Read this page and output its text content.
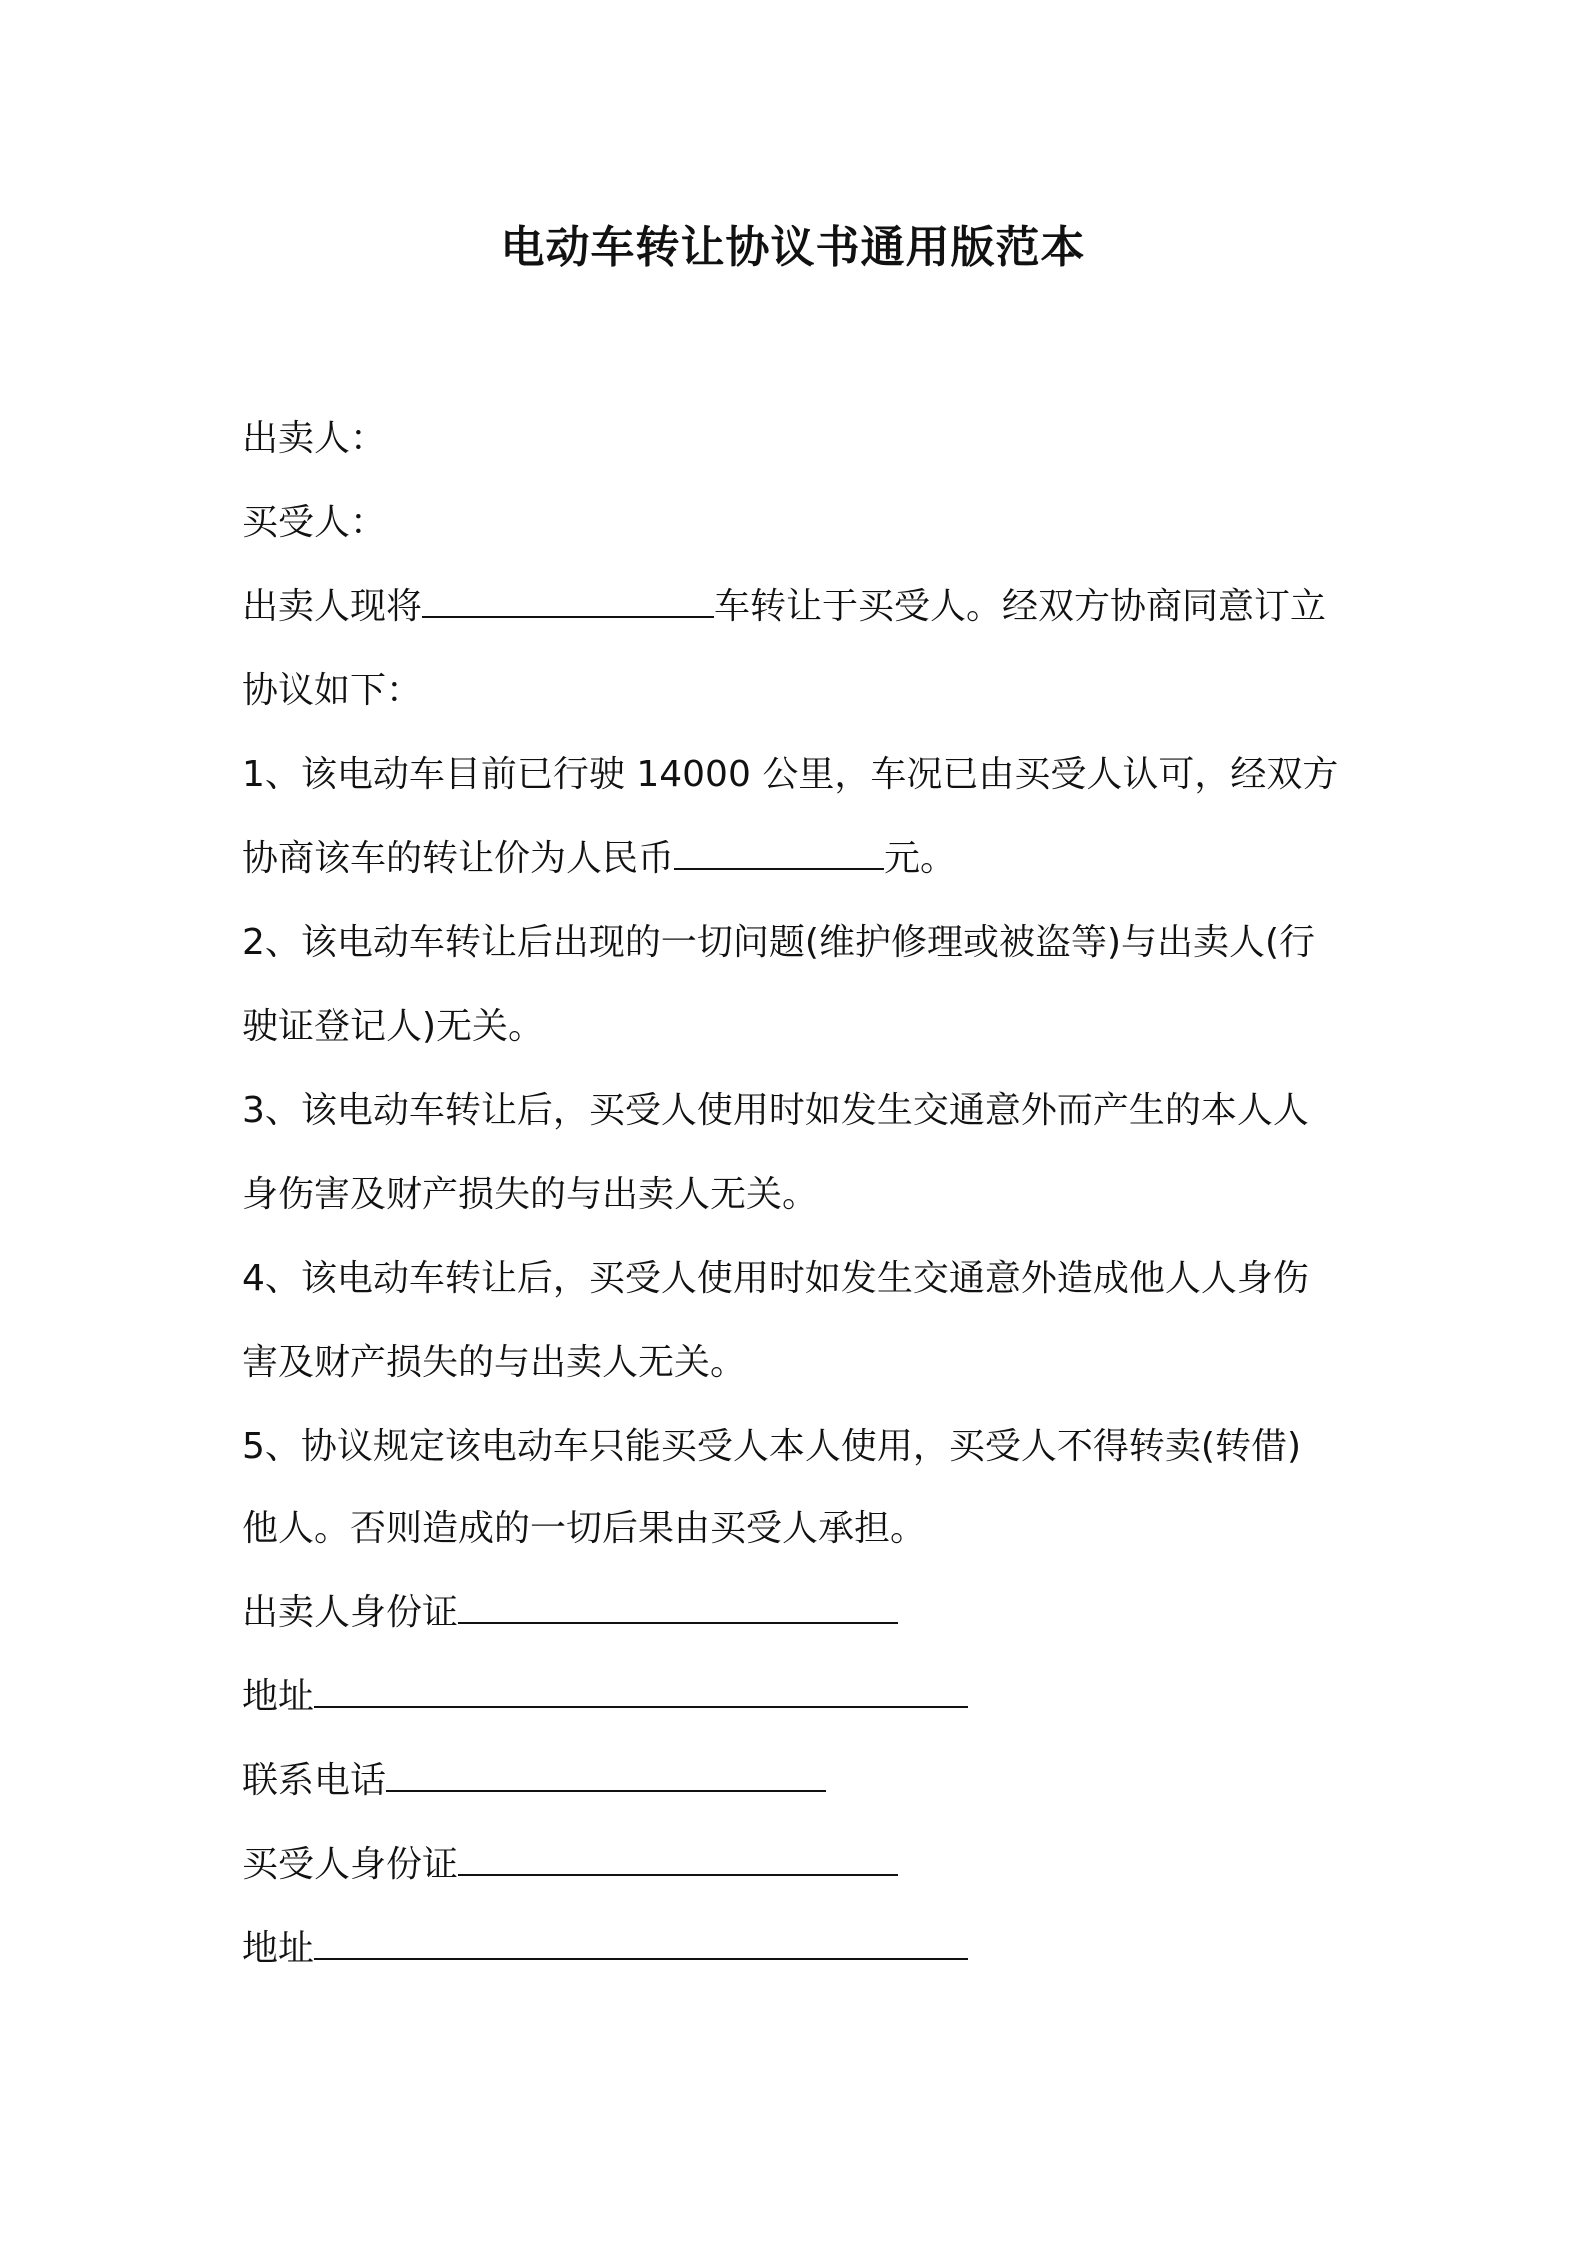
电动车转让协议书通用版范本
出卖人：
买受人：
出卖人现将	车转让于买受人。经双方协商同意订立
协议如下：
1、该电动车目前已行驶 14000 公里，车况已由买受人认可，经双方
协商该车的转让价为人民币	元。
2、该电动车转让后出现的一切问题(维护修理或被盗等)与出卖人(行
驶证登记人)无关。
3、该电动车转让后，买受人使用时如发生交通意外而产生的本人人
身伤害及财产损失的与出卖人无关。
4、该电动车转让后，买受人使用时如发生交通意外造成他人人身伤
害及财产损失的与出卖人无关。
5、协议规定该电动车只能买受人本人使用，买受人不得转卖(转借)
他人。否则造成的一切后果由买受人承担。
出卖人身份证
地址
联系电话
买受人身份证
地址
